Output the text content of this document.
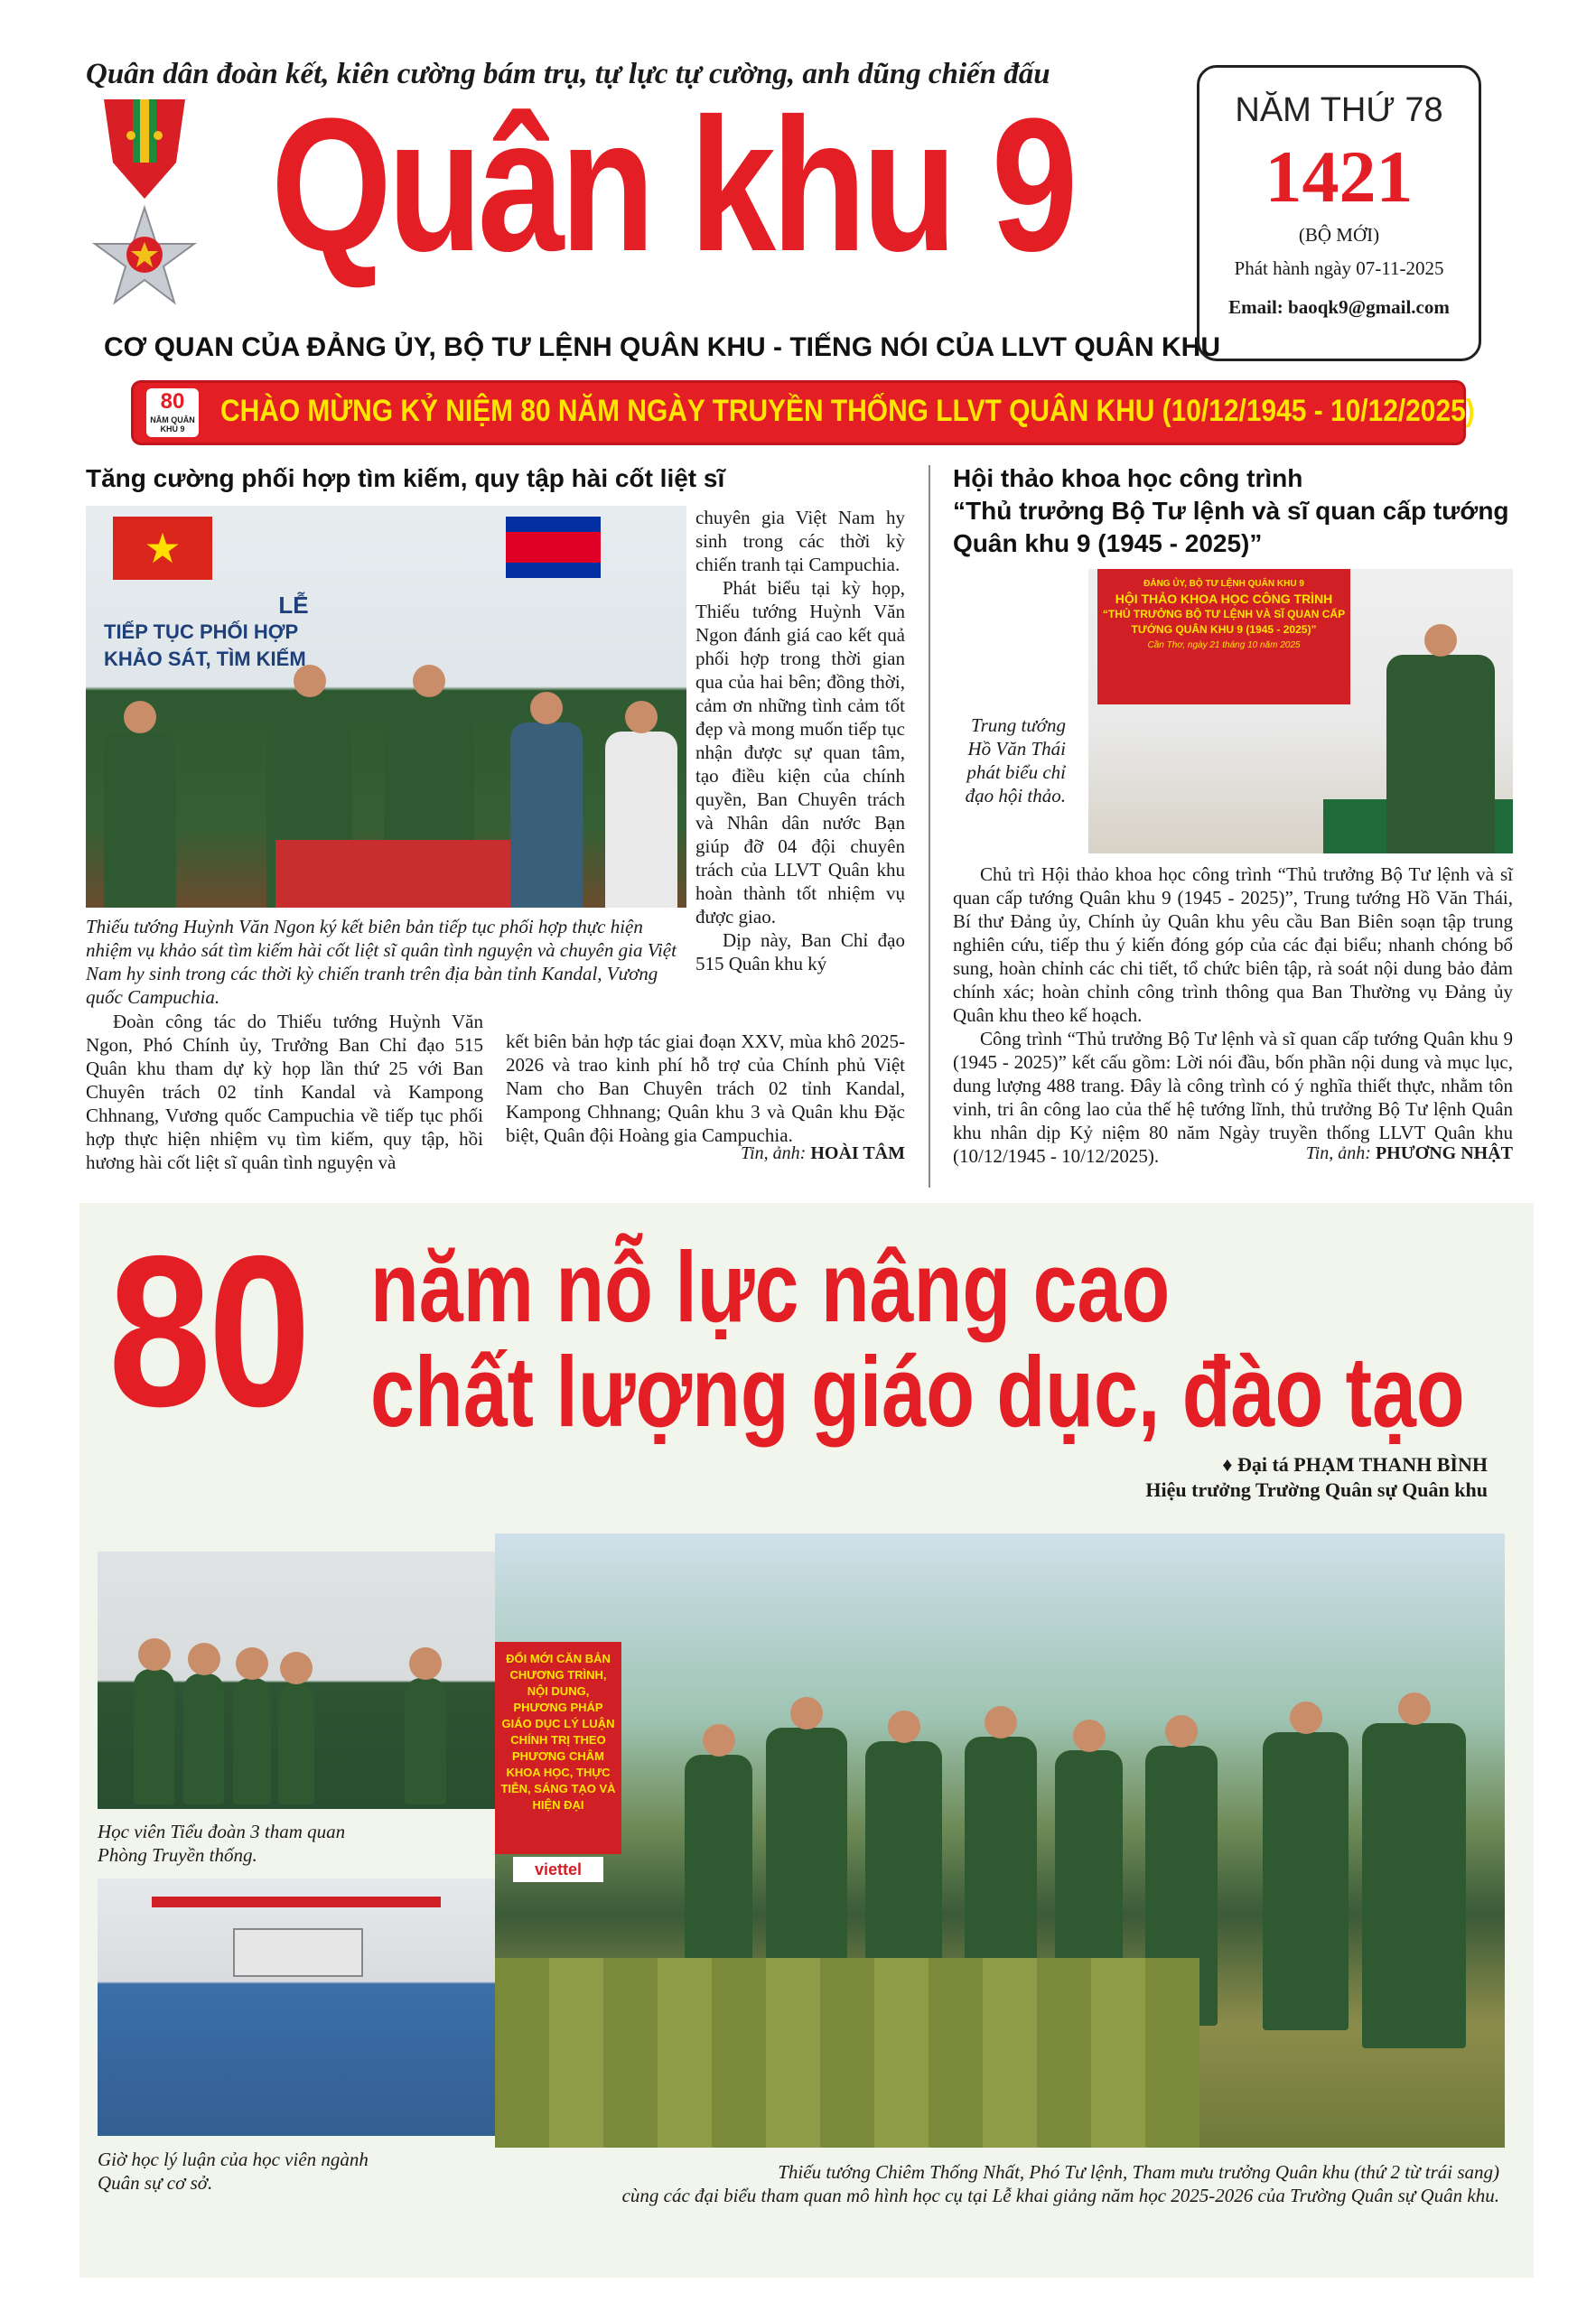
Quân dân đoàn kết, kiên cường bám trụ, tự lực tự cường, anh dũng chiến đấu
Quân khu 9
CƠ QUAN CỦA ĐẢNG ỦY, BỘ TƯ LỆNH QUÂN KHU - TIẾNG NÓI CỦA LLVT QUÂN KHU
NĂM THỨ 78
1421
(BỘ MỚI)
Phát hành ngày 07-11-2025
Email: baoqk9@gmail.com
80
NĂM QUÂN KHU 9
CHÀO MỪNG KỶ NIỆM 80 NĂM NGÀY TRUYỀN THỐNG LLVT QUÂN KHU (10/12/1945 - 10/12/2025)
Tăng cường phối hợp tìm kiếm, quy tập hài cốt liệt sĩ
★
LỄ
TIẾP TỤC PHỐI HỢP
KHẢO SÁT, TÌM KIẾM
Thiếu tướng Huỳnh Văn Ngon ký kết biên bản tiếp tục phối hợp thực hiện nhiệm vụ khảo sát tìm kiếm hài cốt liệt sĩ quân tình nguyện và chuyên gia Việt Nam hy sinh trong các thời kỳ chiến tranh trên địa bàn tỉnh Kandal, Vương quốc Campuchia.

chuyên gia Việt Nam hy sinh trong các thời kỳ chiến tranh tại Campuchia.

Phát biểu tại kỳ họp, Thiếu tướng Huỳnh Văn Ngon đánh giá cao kết quả phối hợp trong thời gian qua của hai bên; đồng thời, cảm ơn những tình cảm tốt đẹp và mong muốn tiếp tục nhận được sự quan tâm, tạo điều kiện của chính quyền, Ban Chuyên trách và Nhân dân nước Bạn giúp đỡ 04 đội chuyên trách của LLVT Quân khu hoàn thành tốt nhiệm vụ được giao.

Dịp này, Ban Chỉ đạo 515 Quân khu ký

Đoàn công tác do Thiếu tướng Huỳnh Văn Ngon, Phó Chính ủy, Trưởng Ban Chỉ đạo 515 Quân khu tham dự kỳ họp lần thứ 25 với Ban Chuyên trách 02 tỉnh Kandal và Kampong Chhnang, Vương quốc Campuchia về tiếp tục phối hợp thực hiện nhiệm vụ tìm kiếm, quy tập, hồi hương hài cốt liệt sĩ quân tình nguyện và

kết biên bản hợp tác giai đoạn XXV, mùa khô 2025-2026 và trao kinh phí hỗ trợ của Chính phủ Việt Nam cho Ban Chuyên trách 02 tỉnh Kandal, Kampong Chhnang; Quân khu 3 và Quân khu Đặc biệt, Quân đội Hoàng gia Campuchia.

Tin, ảnh: HOÀI TÂM
Hội thảo khoa học công trình
“Thủ trưởng Bộ Tư lệnh và sĩ quan cấp tướng
Quân khu 9 (1945 - 2025)”
Trung tướng Hồ Văn Thái phát biểu chỉ đạo hội thảo.
ĐẢNG ỦY, BỘ TƯ LỆNH QUÂN KHU 9
HỘI THẢO KHOA HỌC CÔNG TRÌNH
“THỦ TRƯỞNG BỘ TƯ LỆNH VÀ SĨ QUAN CẤP TƯỚNG QUÂN KHU 9 (1945 - 2025)”
Cần Thơ, ngày 21 tháng 10 năm 2025

Chủ trì Hội thảo khoa học công trình “Thủ trưởng Bộ Tư lệnh và sĩ quan cấp tướng Quân khu 9 (1945 - 2025)”, Trung tướng Hồ Văn Thái, Bí thư Đảng ủy, Chính ủy Quân khu yêu cầu Ban Biên soạn tập trung nghiên cứu, tiếp thu ý kiến đóng góp của các đại biểu; nhanh chóng bổ sung, hoàn chỉnh các chi tiết, tổ chức biên tập, rà soát nội dung bảo đảm chính xác; hoàn chỉnh công trình thông qua Ban Thường vụ Đảng ủy Quân khu theo kế hoạch.

Công trình “Thủ trưởng Bộ Tư lệnh và sĩ quan cấp tướng Quân khu 9 (1945 - 2025)” kết cấu gồm: Lời nói đầu, bốn phần nội dung và mục lục, dung lượng 488 trang. Đây là công trình có ý nghĩa thiết thực, nhằm tôn vinh, tri ân công lao của thế hệ tướng lĩnh, thủ trưởng Bộ Tư lệnh Quân khu nhân dịp Kỷ niệm 80 năm Ngày truyền thống LLVT Quân khu (10/12/1945 - 10/12/2025).	Tin, ảnh: PHƯƠNG NHẬT
80 năm nỗ lực nâng cao
chất lượng giáo dục, đào tạo
♦ Đại tá PHẠM THANH BÌNH
Hiệu trưởng Trường Quân sự Quân khu
Học viên Tiểu đoàn 3 tham quan Phòng Truyền thống.
Giờ học lý luận của học viên ngành Quân sự cơ sở.
ĐỔI MỚI CĂN BẢN CHƯƠNG TRÌNH, NỘI DUNG, PHƯƠNG PHÁP GIÁO DỤC LÝ LUẬN CHÍNH TRỊ THEO PHƯƠNG CHÂM KHOA HỌC, THỰC TIỄN, SÁNG TẠO VÀ HIỆN ĐẠI
viettel
Thiếu tướng Chiêm Thống Nhất, Phó Tư lệnh, Tham mưu trưởng Quân khu (thứ 2 từ trái sang)
cùng các đại biểu tham quan mô hình học cụ tại Lễ khai giảng năm học 2025-2026 của Trường Quân sự Quân khu.
